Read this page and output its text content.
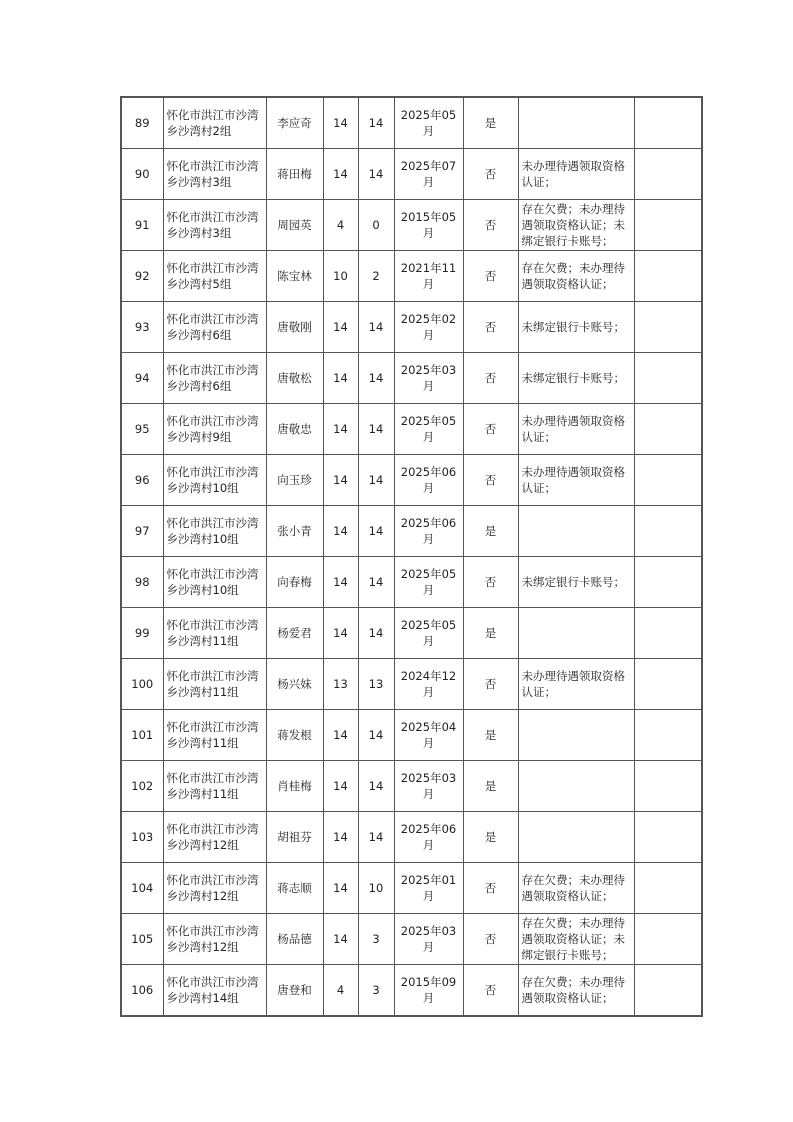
89	怀化市洪江市沙湾乡沙湾村2组	李应奇	14	14	2025年05月	是		
90	怀化市洪江市沙湾乡沙湾村3组	蒋田梅	14	14	2025年07月	否	未办理待遇领取资格认证；	
91	怀化市洪江市沙湾乡沙湾村3组	周园英	4	0	2015年05月	否	存在欠费；未办理待遇领取资格认证；未绑定银行卡账号；	
92	怀化市洪江市沙湾乡沙湾村5组	陈宝林	10	2	2021年11月	否	存在欠费；未办理待遇领取资格认证；	
93	怀化市洪江市沙湾乡沙湾村6组	唐敬刚	14	14	2025年02月	否	未绑定银行卡账号；	
94	怀化市洪江市沙湾乡沙湾村6组	唐敬松	14	14	2025年03月	否	未绑定银行卡账号；	
95	怀化市洪江市沙湾乡沙湾村9组	唐敬忠	14	14	2025年05月	否	未办理待遇领取资格认证；	
96	怀化市洪江市沙湾乡沙湾村10组	向玉珍	14	14	2025年06月	否	未办理待遇领取资格认证；	
97	怀化市洪江市沙湾乡沙湾村10组	张小青	14	14	2025年06月	是		
98	怀化市洪江市沙湾乡沙湾村10组	向春梅	14	14	2025年05月	否	未绑定银行卡账号；	
99	怀化市洪江市沙湾乡沙湾村11组	杨爱君	14	14	2025年05月	是		
100	怀化市洪江市沙湾乡沙湾村11组	杨兴妹	13	13	2024年12月	否	未办理待遇领取资格认证；	
101	怀化市洪江市沙湾乡沙湾村11组	蒋发根	14	14	2025年04月	是		
102	怀化市洪江市沙湾乡沙湾村11组	肖桂梅	14	14	2025年03月	是		
103	怀化市洪江市沙湾乡沙湾村12组	胡祖芬	14	14	2025年06月	是		
104	怀化市洪江市沙湾乡沙湾村12组	蒋志顺	14	10	2025年01月	否	存在欠费；未办理待遇领取资格认证；	
105	怀化市洪江市沙湾乡沙湾村12组	杨品德	14	3	2025年03月	否	存在欠费；未办理待遇领取资格认证；未绑定银行卡账号；	
106	怀化市洪江市沙湾乡沙湾村14组	唐登和	4	3	2015年09月	否	存在欠费；未办理待遇领取资格认证；	
